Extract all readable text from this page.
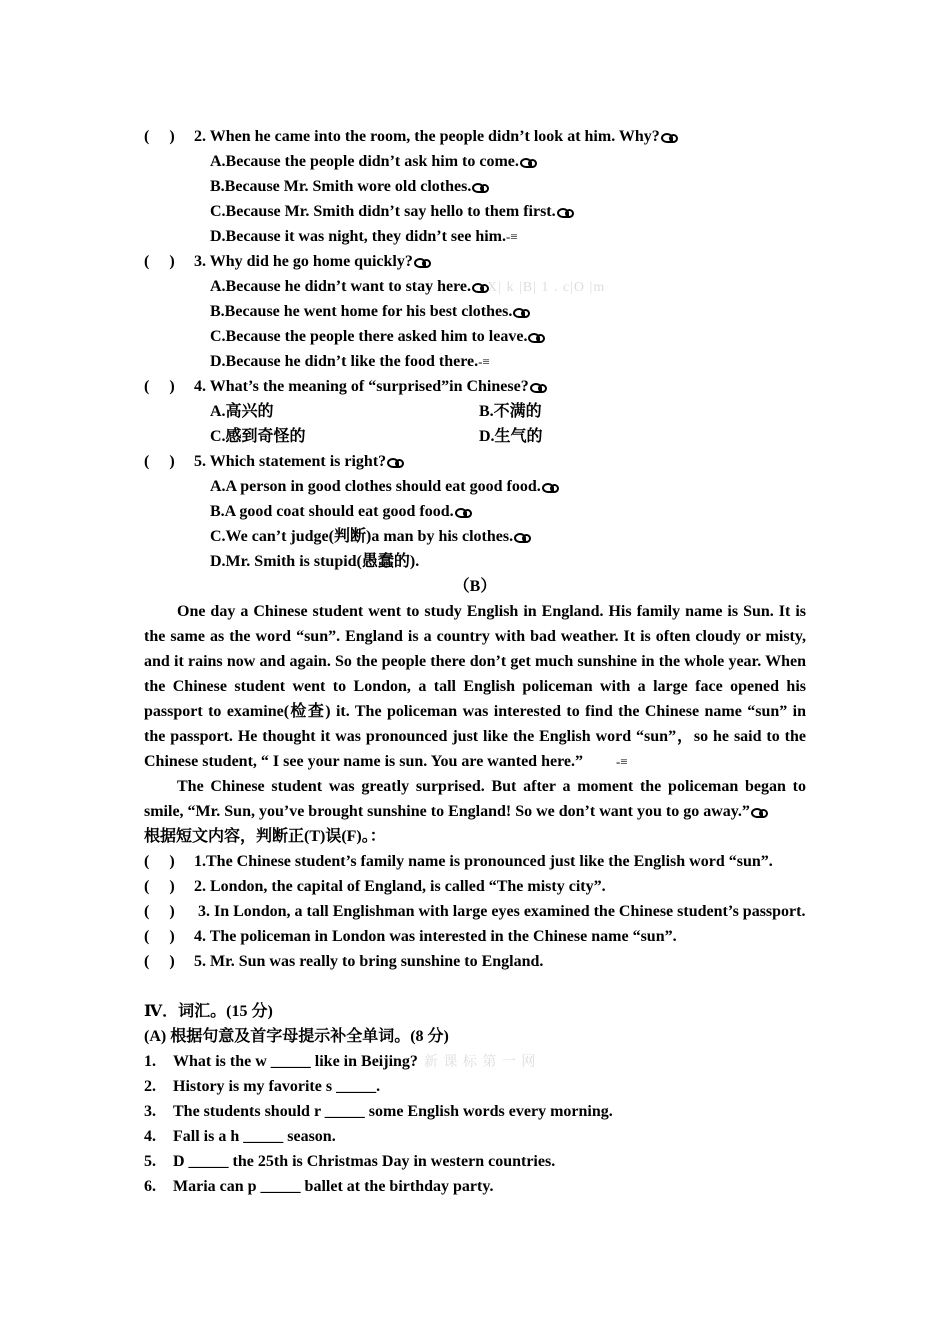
(　 ) 2. When he came into the room, the people didn’t look at him. Why?
A.Because the people didn’t ask him to come.
B.Because Mr. Smith wore old clothes.
C.Because Mr. Smith didn’t say hello to them first.
D.Because it was night, they didn’t see him.-≡
(　 ) 3. Why did he go home quickly?
A.Because he didn’t want to stay here. X| k |B| 1 . c|O |m
B.Because he went home for his best clothes.
C.Because the people there asked him to leave.
D.Because he didn’t like the food there.-≡
(　 ) 4. What’s the meaning of “surprised”in Chinese?
A.高兴的	B.不满的
C.感到奇怪的	D.生气的
(　 ) 5. Which statement is right?
A.A person in good clothes should eat good food.
B.A good coat should eat good food.
C.We can’t judge(判断)a man by his clothes.
D.Mr. Smith is stupid(愚蠢的).
（B）
One day a Chinese student went to study English in England. His family name is Sun. It is the same as the word “sun”. England is a country with bad weather. It is often cloudy or misty, and it rains now and again. So the people there don’t get much sunshine in the whole year. When the Chinese student went to London, a tall English policeman with a large face opened his passport to examine(检查) it. The policeman was interested to find the Chinese name “sun” in the passport. He thought it was pronounced just like the English word “sun”，so he said to the Chinese student, “ I see your name is sun. You are wanted here.”	-≡
The Chinese student was greatly surprised. But after a moment the policeman began to smile, “Mr. Sun, you’ve brought sunshine to England! So we don’t want you to go away.”
根据短文内容，判断正(T)误(F)。：
(　 ) 1.The Chinese student’s family name is pronounced just like the English word “sun”.
(　 ) 2. London, the capital of England, is called “The misty city”.
(　 ) 3. In London, a tall Englishman with large eyes examined the Chinese student’s passport.
(　 ) 4. The policeman in London was interested in the Chinese name “sun”.
(　 ) 5. Mr. Sun was really to bring sunshine to England.
Ⅳ．词汇。(15 分)
(A) 根据句意及首字母提示补全单词。(8 分)
1. What is the w _____ like in Beijing? 新 课 标 第 一 网
2. History is my favorite s _____.
3. The students should r _____ some English words every morning.
4. Fall is a h _____ season.
5. D _____ the 25th is Christmas Day in western countries.
6. Maria can p _____ ballet at the birthday party.
